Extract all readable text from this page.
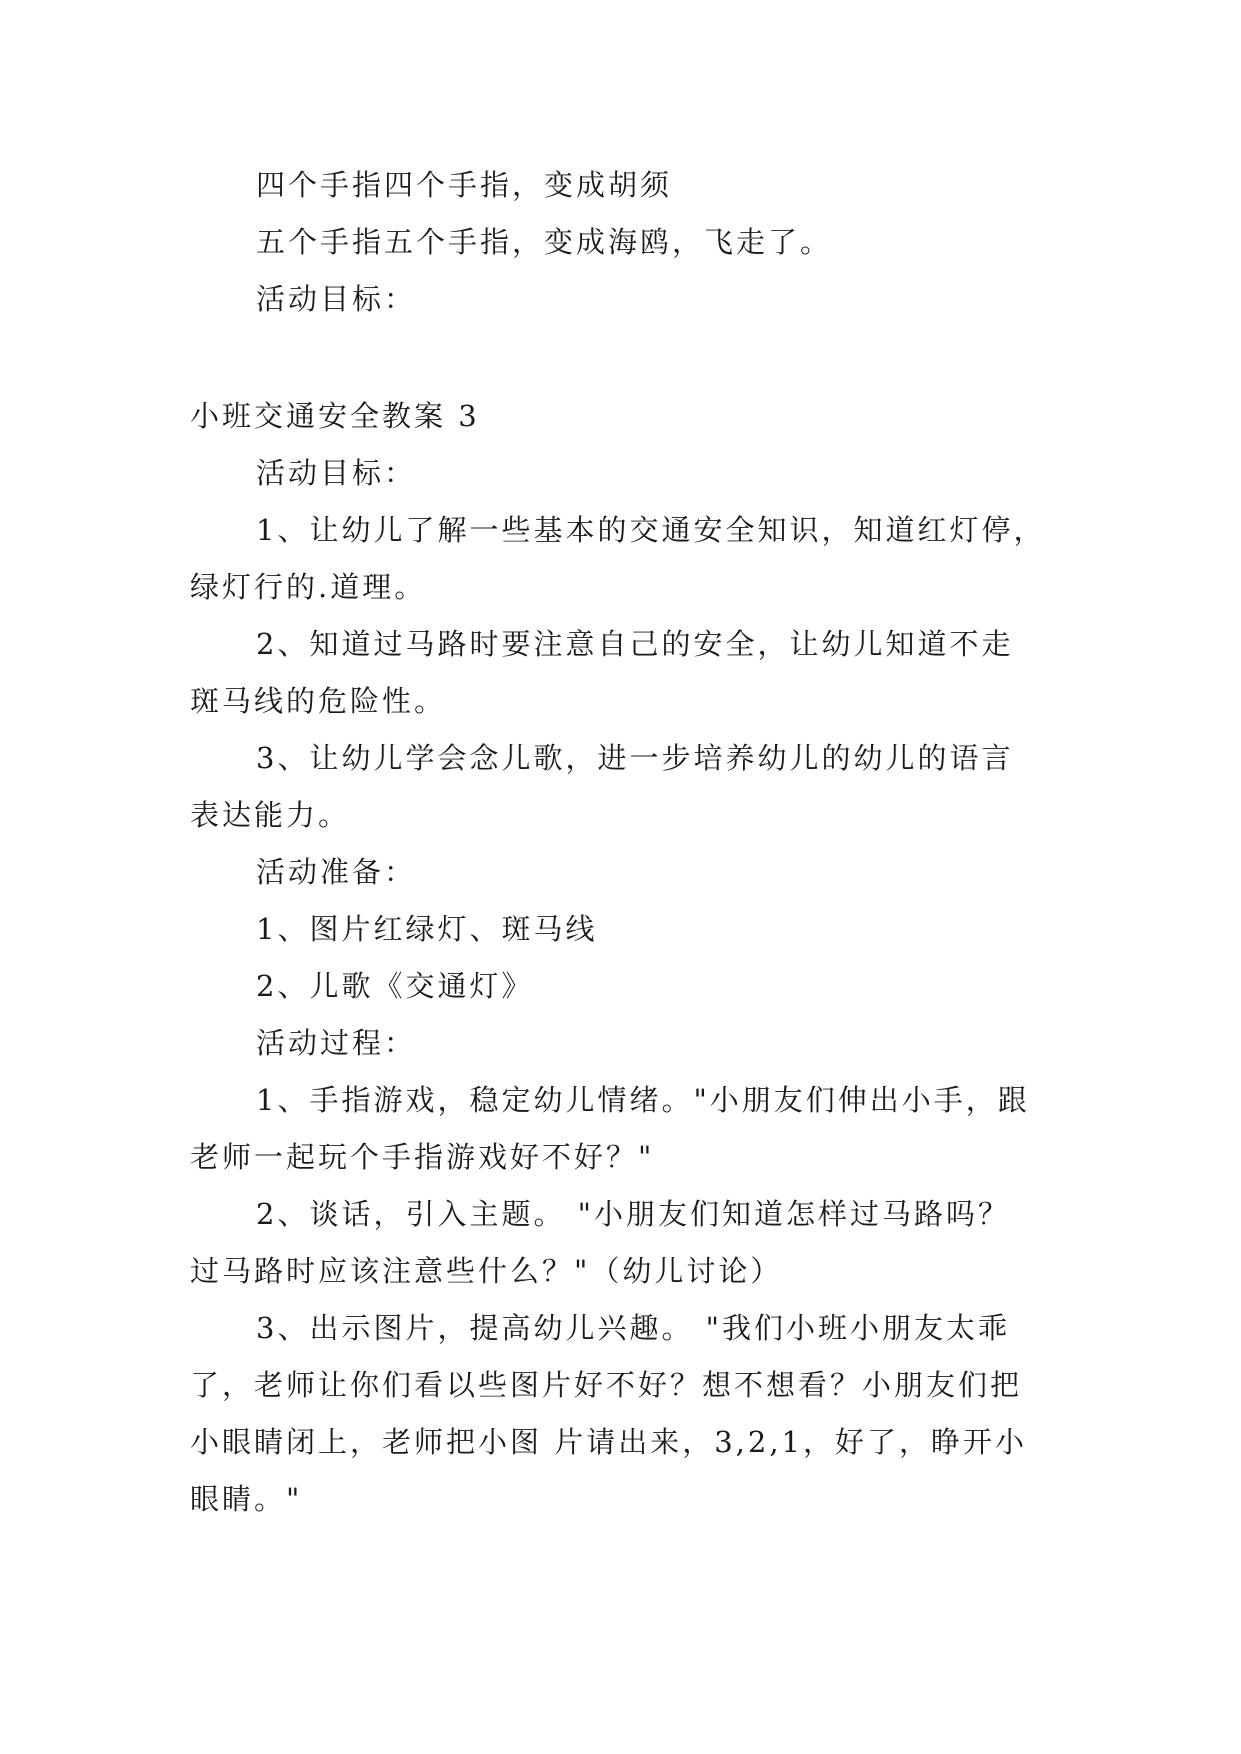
四个手指四个手指，变成胡须
五个手指五个手指，变成海鸥，飞走了。
活动目标：
小班交通安全教案 3
活动目标：
1、让幼儿了解一些基本的交通安全知识，知道红灯停，
绿灯行的.道理。
2、知道过马路时要注意自己的安全，让幼儿知道不走
斑马线的危险性。
3、让幼儿学会念儿歌，进一步培养幼儿的幼儿的语言
表达能力。
活动准备：
1、图片红绿灯、斑马线
2、儿歌《交通灯》
活动过程：
1、手指游戏，稳定幼儿情绪。"小朋友们伸出小手，跟
老师一起玩个手指游戏好不好？"
2、谈话，引入主题。 "小朋友们知道怎样过马路吗？
过马路时应该注意些什么？"（幼儿讨论）
3、出示图片，提高幼儿兴趣。 "我们小班小朋友太乖
了，老师让你们看以些图片好不好？想不想看？小朋友们把
小眼睛闭上，老师把小图 片请出来，3,2,1，好了，睁开小
眼睛。"
